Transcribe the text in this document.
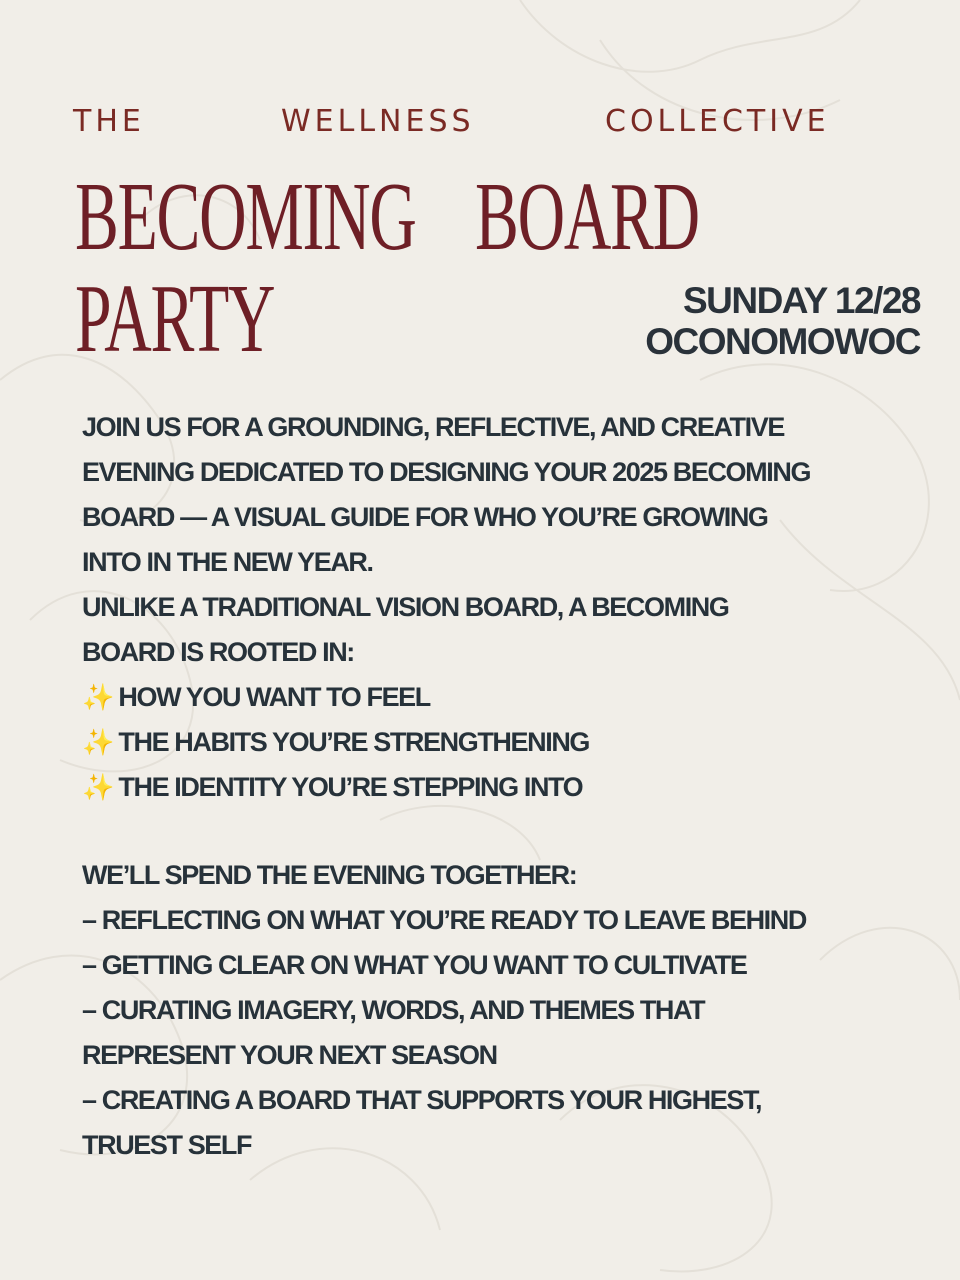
THE	WELLNESS	COLLECTIVE
BECOMING BOARD
PARTY	SUNDAY 12/28
OCONOMOWOC

JOIN US FOR A GROUNDING, REFLECTIVE, AND CREATIVE

EVENING DEDICATED TO DESIGNING YOUR 2025 BECOMING

BOARD — A VISUAL GUIDE FOR WHO YOU’RE GROWING

INTO IN THE NEW YEAR.

UNLIKE A TRADITIONAL VISION BOARD, A BECOMING

BOARD IS ROOTED IN:

✨ HOW YOU WANT TO FEEL

✨ THE HABITS YOU’RE STRENGTHENING

✨ THE IDENTITY YOU’RE STEPPING INTO

WE’LL SPEND THE EVENING TOGETHER:

– REFLECTING ON WHAT YOU’RE READY TO LEAVE BEHIND

– GETTING CLEAR ON WHAT YOU WANT TO CULTIVATE

– CURATING IMAGERY, WORDS, AND THEMES THAT

REPRESENT YOUR NEXT SEASON

– CREATING A BOARD THAT SUPPORTS YOUR HIGHEST,

TRUEST SELF
